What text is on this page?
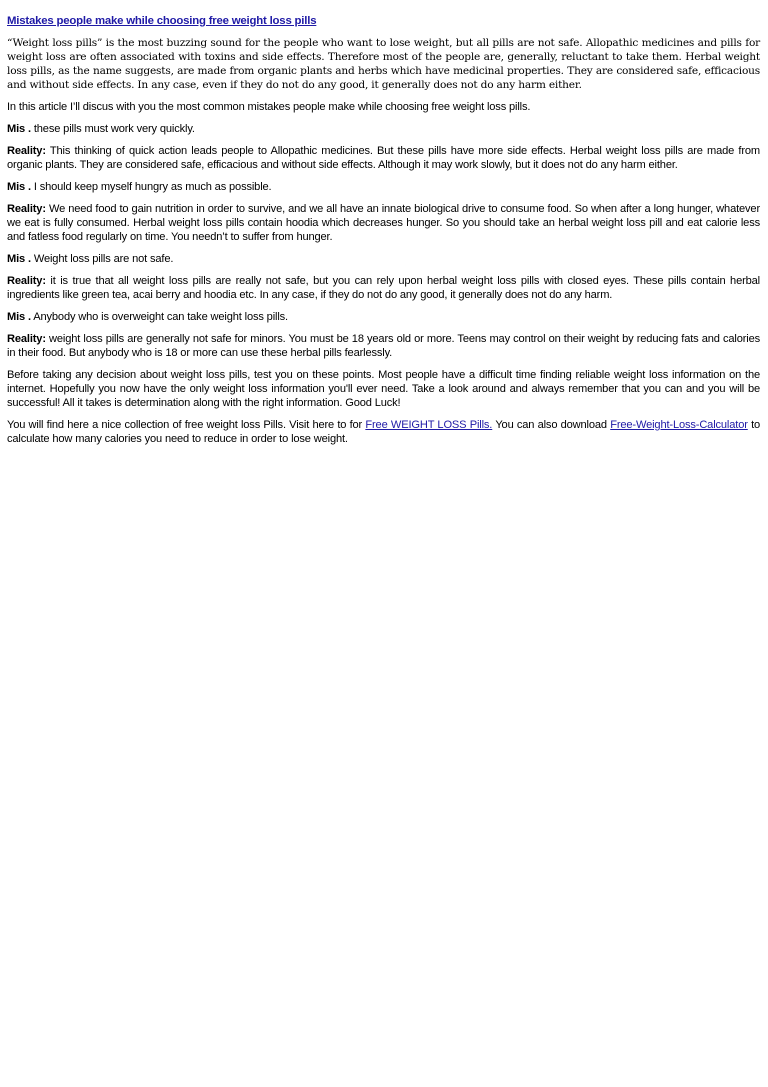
Mistakes people make while choosing free weight loss pills

“Weight loss pills” is the most buzzing sound for the people who want to lose weight, but all pills are not safe. Allopathic medicines and pills for weight loss are often associated with toxins and side effects. Therefore most of the people are, generally, reluctant to take them. Herbal weight loss pills, as the name suggests, are made from organic plants and herbs which have medicinal properties. They are considered safe, efficacious and without side effects. In any case, even if they do not do any good, it generally does not do any harm either.

In this article I’ll discus with you the most common mistakes people make while choosing free weight loss pills.

Mis . these pills must work very quickly.

Reality: This thinking of quick action leads people to Allopathic medicines. But these pills have more side effects. Herbal weight loss pills are made from organic plants. They are considered safe, efficacious and without side effects. Although it may work slowly, but it does not do any harm either.

Mis . I should keep myself hungry as much as possible.

Reality: We need food to gain nutrition in order to survive, and we all have an innate biological drive to consume food. So when after a long hunger, whatever we eat is fully consumed. Herbal weight loss pills contain hoodia which decreases hunger. So you should take an herbal weight loss pill and eat calorie less and fatless food regularly on time. You needn’t to suffer from hunger.

Mis . Weight loss pills are not safe.

Reality: it is true that all weight loss pills are really not safe, but you can rely upon herbal weight loss pills with closed eyes. These pills contain herbal ingredients like green tea, acai berry and hoodia etc. In any case, if they do not do any good, it generally does not do any harm.

Mis . Anybody who is overweight can take weight loss pills.

Reality: weight loss pills are generally not safe for minors. You must be 18 years old or more. Teens may control on their weight by reducing fats and calories in their food. But anybody who is 18 or more can use these herbal pills fearlessly.

Before taking any decision about weight loss pills, test you on these points. Most people have a difficult time finding reliable weight loss information on the internet. Hopefully you now have the only weight loss information you'll ever need. Take a look around and always remember that you can and you will be successful! All it takes is determination along with the right information. Good Luck!

You will find here a nice collection of free weight loss Pills. Visit here to for Free WEIGHT LOSS Pills. You can also download Free-Weight-Loss-Calculator to calculate how many calories you need to reduce in order to lose weight.
